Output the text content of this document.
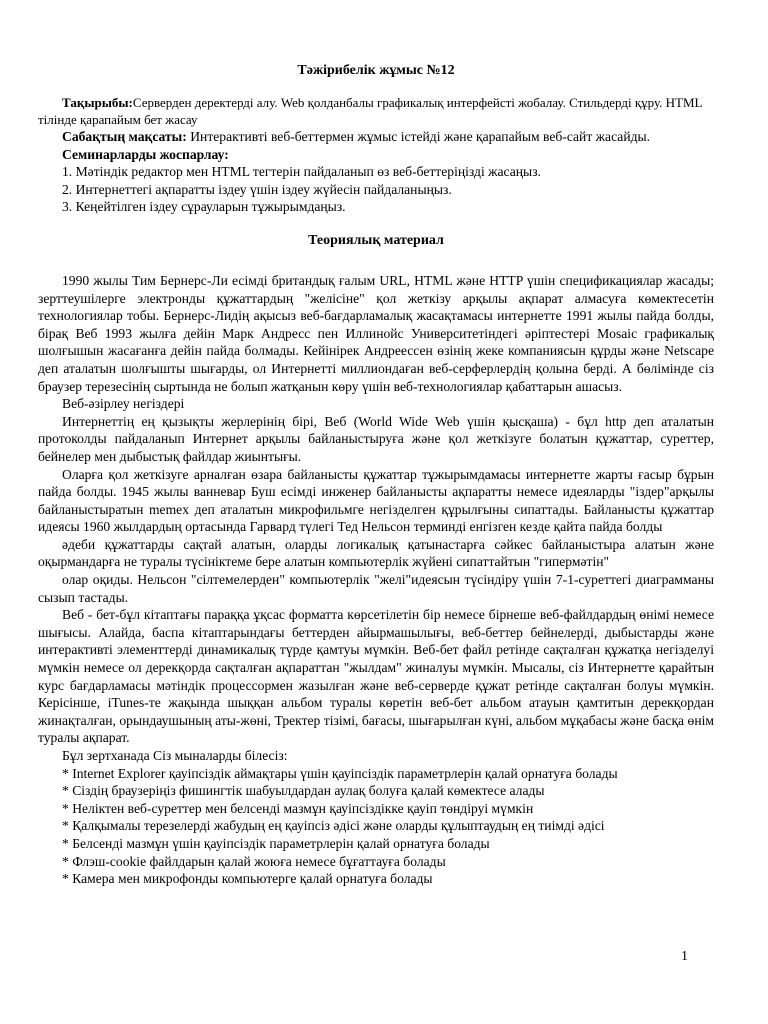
Тәжірибелік жұмыс №12

Тақырыбы:Серверден деректерді алу. Web қолданбалы графикалық интерфейсті жобалау. Стильдерді құру. HTML тілінде қарапайым бет жасау

Сабақтың мақсаты: Интерактивті веб-беттермен жұмыс істейді және қарапайым веб-сайт жасайды.

Семинарларды жоспарлау:

1. Мәтіндік редактор мен HTML тегтерін пайдаланып өз веб-беттеріңізді жасаңыз.

2. Интернеттегі ақпаратты іздеу үшін іздеу жүйесін пайдаланыңыз.

3. Кеңейтілген іздеу сұрауларын тұжырымдаңыз.

Теориялық материал

1990 жылы Тим Бернерс-Ли есімді британдық ғалым URL, HTML және HTTP үшін спецификациялар жасады; зерттеушілерге электронды құжаттардың "желісіне" қол жеткізу арқылы ақпарат алмасуға көмектесетін технологиялар тобы. Бернерс-Лидің ақысыз веб-бағдарламалық жасақтамасы интернетте 1991 жылы пайда болды, бірақ Веб 1993 жылға дейін Марк Андресс пен Иллинойс Университетіндегі әріптестері Mosaic графикалық шолғышын жасағанға дейін пайда болмады. Кейінірек Андреессен өзінің жеке компаниясын құрды және Netscape деп аталатын шолғышты шығарды, ол Интернетті миллиондаған веб-серферлердің қолына берді. А бөлімінде сіз браузер терезесінің сыртында не болып жатқанын көру үшін веб-технологиялар қабаттарын ашасыз.

Веб-әзірлеу негіздері

Интернеттің ең қызықты жерлерінің бірі, Веб (World Wide Web үшін қысқаша) - бұл http деп аталатын протоколды пайдаланып Интернет арқылы байланыстыруға және қол жеткізуге болатын құжаттар, суреттер, бейнелер мен дыбыстық файлдар жиынтығы.

Оларға қол жеткізуге арналған өзара байланысты құжаттар тұжырымдамасы интернетте жарты ғасыр бұрын пайда болды. 1945 жылы ванневар Буш есімді инженер байланысты ақпаратты немесе идеяларды "іздер"арқылы байланыстыратын memex деп аталатын микрофильмге негізделген құрылғыны сипаттады. Байланысты құжаттар идеясы 1960 жылдардың ортасында Гарвард түлегі Тед Нельсон терминді енгізген кезде қайта пайда болды

әдеби құжаттарды сақтай алатын, оларды логикалық қатынастарға сәйкес байланыстыра алатын және оқырмандарға не туралы түсініктеме бере алатын компьютерлік жүйені сипаттайтын "гипермәтін"

олар оқиды. Нельсон "сілтемелерден" компьютерлік "желі"идеясын түсіндіру үшін 7-1-суреттегі диаграмманы сызып тастады.

Веб - бет-бұл кітаптағы параққа ұқсас форматта көрсетілетін бір немесе бірнеше веб-файлдардың өнімі немесе шығысы. Алайда, баспа кітаптарындағы беттерден айырмашылығы, веб-беттер бейнелерді, дыбыстарды және интерактивті элементтерді динамикалық түрде қамтуы мүмкін. Веб-бет файл ретінде сақталған құжатқа негізделуі мүмкін немесе ол дерекқорда сақталған ақпараттан "жылдам" жиналуы мүмкін. Мысалы, сіз Интернетте қарайтын курс бағдарламасы мәтіндік процессормен жазылған және веб-серверде құжат ретінде сақталған болуы мүмкін. Керісінше, iTunes-те жақында шыққан альбом туралы көретін веб-бет альбом атауын қамтитын дерекқордан жинақталған, орындаушының аты-жөні, Тректер тізімі, бағасы, шығарылған күні, альбом мұқабасы және басқа өнім туралы ақпарат.

Бұл зертханада Сіз мыналарды білесіз:

* Internet Explorer қауіпсіздік аймақтары үшін қауіпсіздік параметрлерін қалай орнатуға болады

* Сіздің браузеріңіз фишингтік шабуылдардан аулақ болуға қалай көмектесе алады

* Неліктен веб-суреттер мен белсенді мазмұн қауіпсіздікке қауіп төндіруі мүмкін

* Қалқымалы терезелерді жабудың ең қауіпсіз әдісі және оларды құлыптаудың ең тиімді әдісі

* Белсенді мазмұн үшін қауіпсіздік параметрлерін қалай орнатуға болады

* Флэш-cookie файлдарын қалай жоюға немесе бұғаттауға болады

* Камера мен микрофонды компьютерге қалай орнатуға болады

1
